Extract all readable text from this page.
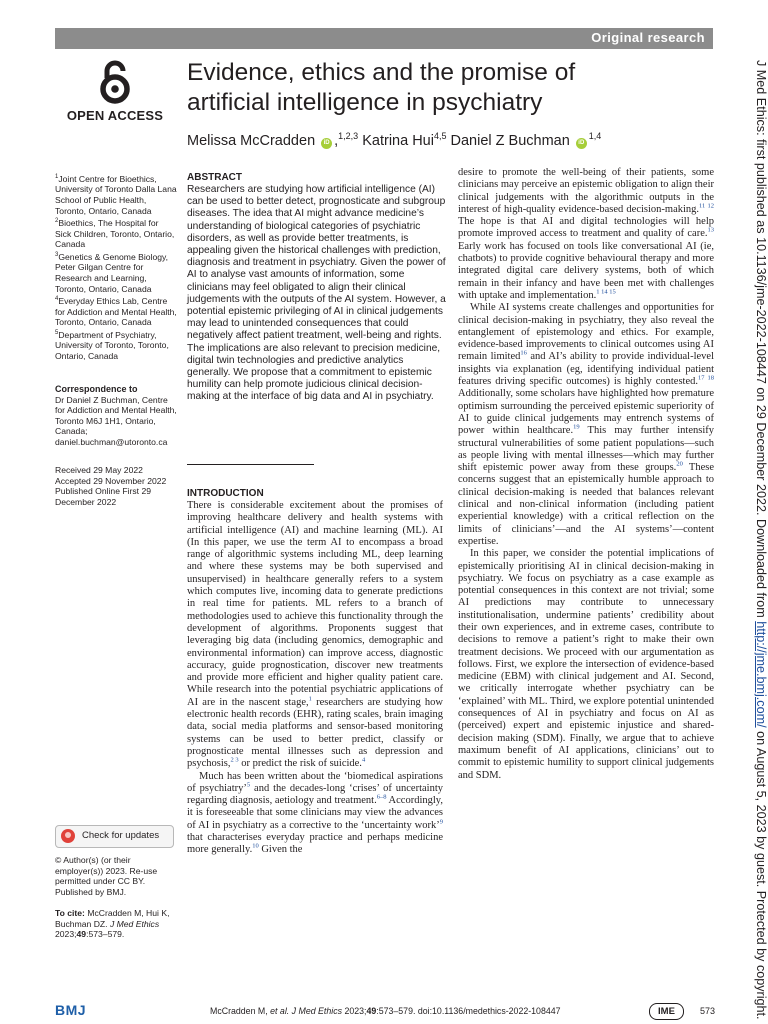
Original research
OPEN ACCESS
Evidence, ethics and the promise of artificial intelligence in psychiatry
Melissa McCradden iD ,$^{1,2,3}$ Katrina Hui$^{4,5}$ Daniel Z Buchman iD$^{1,4}$
$^1$Joint Centre for Bioethics, University of Toronto Dalla Lana School of Public Health, Toronto, Ontario, Canada
$^2$Bioethics, The Hospital for Sick Children, Toronto, Ontario, Canada
$^3$Genetics & Genome Biology, Peter Gilgan Centre for Research and Learning, Toronto, Ontario, Canada
$^4$Everyday Ethics Lab, Centre for Addiction and Mental Health, Toronto, Ontario, Canada
$^5$Department of Psychiatry, University of Toronto, Toronto, Ontario, Canada
Correspondence to
Dr Daniel Z Buchman, Centre for Addiction and Mental Health, Toronto M6J 1H1, Ontario, Canada; daniel.buchman@utoronto.ca
Received 29 May 2022
Accepted 29 November 2022
Published Online First 29 December 2022
Check for updates
© Author(s) (or their employer(s)) 2023. Re-use permitted under CC BY. Published by BMJ.
To cite: McCradden M, Hui K, Buchman DZ. J Med Ethics 2023;49:573–579.
ABSTRACT
Researchers are studying how artificial intelligence (AI) can be used to better detect, prognosticate and subgroup diseases. The idea that AI might advance medicine’s understanding of biological categories of psychiatric disorders, as well as provide better treatments, is appealing given the historical challenges with prediction, diagnosis and treatment in psychiatry. Given the power of AI to analyse vast amounts of information, some clinicians may feel obligated to align their clinical judgements with the outputs of the AI system. However, a potential epistemic privileging of AI in clinical judgements may lead to unintended consequences that could negatively affect patient treatment, well-being and rights. The implications are also relevant to precision medicine, digital twin technologies and predictive analytics generally. We propose that a commitment to epistemic humility can help promote judicious clinical decision-making at the interface of big data and AI in psychiatry.
INTRODUCTION

There is considerable excitement about the promises of improving healthcare delivery and health systems with artificial intelligence (AI) and machine learning (ML). AI (In this paper, we use the term AI to encompass a broad range of algorithmic systems including ML, deep learning and where these systems may be both supervised and unsupervised) in healthcare generally refers to a system which computes live, incoming data to generate predictions in real time for patients. ML refers to a branch of methodologies used to achieve this functionality through the development of algorithms. Proponents suggest that leveraging big data (including genomics, demographic and environmental information) can improve access, diagnostic accuracy, guide prognostication, discover new treatments and provide more efficient and higher quality patient care. While research into the potential psychiatric applications of AI are in the nascent stage,$^1$ researchers are studying how electronic health records (EHR), rating scales, brain imaging data, social media platforms and sensor-based monitoring systems can be used to better predict, classify or prognosticate mental illnesses such as depression and psychosis,$^{2 3}$ or predict the risk of suicide.$^4$

Much has been written about the ‘biomedical aspirations of psychiatry’$^5$ and the decades-long ‘crises’ of uncertainty regarding diagnosis, aetiology and treatment.$^{6-8}$ Accordingly, it is foreseeable that some clinicians may view the advances of AI in psychiatry as a corrective to the ‘uncertainty work’$^9$ that characterises everyday practice and perhaps medicine more generally.$^{10}$ Given the

desire to promote the well-being of their patients, some clinicians may perceive an epistemic obligation to align their clinical judgements with the algorithmic outputs in the interest of high-quality evidence-based decision-making.$^{11 12}$ The hope is that AI and digital technologies will help promote improved access to treatment and quality of care.$^{13}$ Early work has focused on tools like conversational AI (ie, chatbots) to provide cognitive behavioural therapy and more integrated digital care delivery systems, both of which remain in their infancy and have been met with challenges with uptake and implementation.$^{1 14 15}$

While AI systems create challenges and opportunities for clinical decision-making in psychiatry, they also reveal the entanglement of epistemology and ethics. For example, evidence-based improvements to clinical outcomes using AI remain limited$^{16}$ and AI’s ability to provide individual-level insights via explanation (eg, identifying individual patient features driving specific outcomes) is highly contested.$^{17 18}$ Additionally, some scholars have highlighted how premature optimism surrounding the perceived epistemic superiority of AI to guide clinical judgements may entrench systems of power within healthcare.$^{19}$ This may further intensify structural vulnerabilities of some patient populations—such as people living with mental illnesses—which may further shift epistemic power away from these groups.$^{20}$ These concerns suggest that an epistemically humble approach to clinical decision-making is needed that balances relevant clinical and non-clinical information (including patient experiential knowledge) with a critical reflection on the limits of clinicians’—and the AI systems’—content expertise.

In this paper, we consider the potential implications of epistemically prioritising AI in clinical decision-making in psychiatry. We focus on psychiatry as a case example as potential consequences in this context are not trivial; some AI predictions may contribute to unnecessary institutionalisation, undermine patients’ credibility about their own experiences, and in extreme cases, contribute to decisions to remove a patient’s right to make their own treatment decisions. We proceed with our argumentation as follows. First, we explore the intersection of evidence-based medicine (EBM) with clinical judgement and AI. Second, we critically interrogate whether psychiatry can be ‘explained’ with ML. Third, we explore potential unintended consequences of AI in psychiatry and focus on AI as (perceived) expert and epistemic injustice and shared-decision making (SDM). Finally, we argue that to achieve maximum benefit of AI applications, clinicians’ out to commit to epistemic humility to support clinical judgements and SDM.

BMJ	McCradden M, et al. J Med Ethics 2023;49:573–579. doi:10.1136/medethics-2022-108447	IME	573
J Med Ethics: first published as 10.1136/jme-2022-108447 on 29 December 2022. Downloaded from http://jme.bmj.com/ on August 5, 2023 by guest. Protected by copyright.
